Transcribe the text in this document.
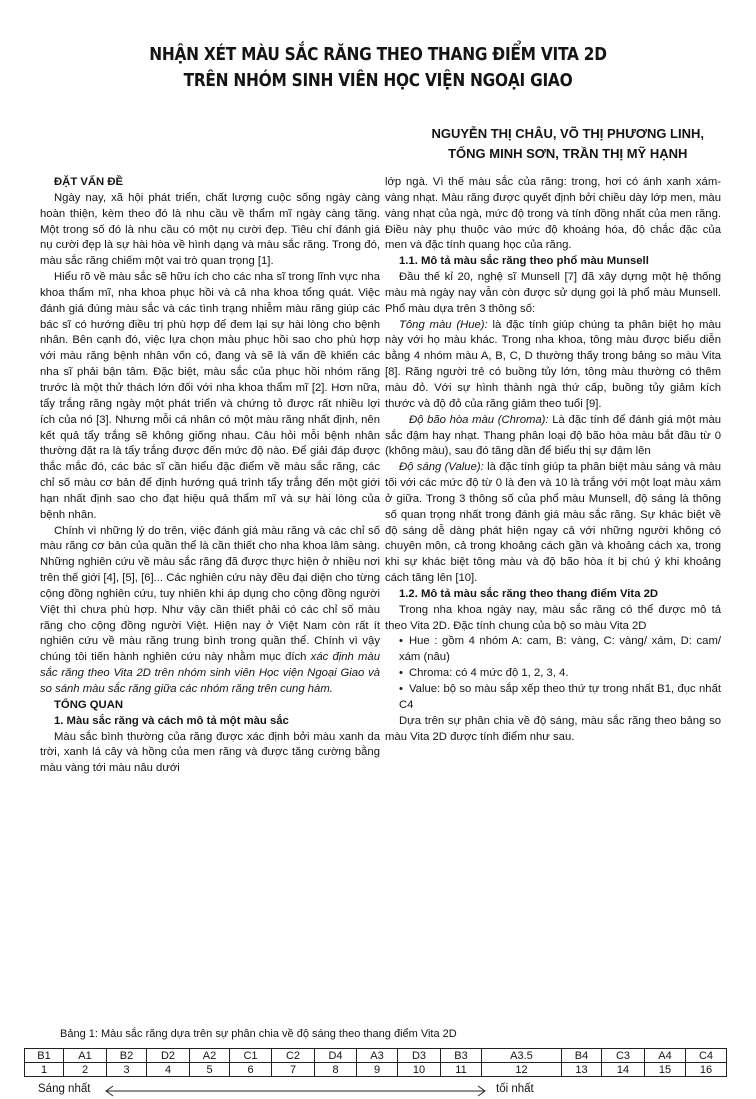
NHẬN XÉT MÀU SẮC RĂNG THEO THANG ĐIỂM VITA 2D
TRÊN NHÓM SINH VIÊN HỌC VIỆN NGOẠI GIAO
NGUYỄN THỊ CHÂU, VÕ THỊ PHƯƠNG LINH,
TỐNG MINH SƠN, TRẦN THỊ MỸ HẠNH

ĐẶT VẤN ĐỀ

Ngày nay, xã hội phát triển, chất lượng cuộc sống ngày càng hoàn thiện, kèm theo đó là nhu cầu về thẩm mĩ ngày càng tăng. Một trong số đó là nhu cầu có một nụ cười đẹp. Tiêu chí đánh giá nụ cười đẹp là sự hài hòa về hình dạng và màu sắc răng. Trong đó, màu sắc răng chiếm một vai trò quan trọng [1].

Hiểu rõ về màu sắc sẽ hữu ích cho các nha sĩ trong lĩnh vực nha khoa thẩm mĩ, nha khoa phục hồi và cả nha khoa tổng quát. Việc đánh giá đúng màu sắc và các tình trạng nhiễm màu răng giúp các bác sĩ có hướng điều trị phù hợp để đem lại sự hài lòng cho bệnh nhân. Bên cạnh đó, việc lựa chọn màu phục hồi sao cho phù hợp với màu răng bệnh nhân vốn có, đang và sẽ là vấn đề khiến các nha sĩ phải bận tâm. Đặc biệt, màu sắc của phục hồi nhóm răng trước là một thử thách lớn đối với nha khoa thẩm mĩ [2]. Hơn nữa, tẩy trắng răng ngày một phát triển và chứng tỏ được rất nhiều lợi ích của nó [3]. Nhưng mỗi cá nhân có một màu răng nhất định, nên kết quả tẩy trắng sẽ không giống nhau. Câu hỏi mỗi bệnh nhân thường đặt ra là tẩy trắng được đến mức độ nào. Để giải đáp được thắc mắc đó, các bác sĩ cần hiểu đặc điểm về màu sắc răng, các chỉ số màu cơ bản để định hướng quá trình tẩy trắng đến một giới hạn nhất định sao cho đạt hiệu quả thẩm mĩ và sự hài lòng của bệnh nhân.

Chính vì những lý do trên, việc đánh giá màu răng và các chỉ số màu răng cơ bản của quần thể là cần thiết cho nha khoa lâm sàng. Những nghiên cứu về màu sắc răng đã được thực hiện ở nhiều nơi trên thế giới [4], [5], [6]... Các nghiên cứu này đều đại diện cho từng cộng đồng nghiên cứu, tuy nhiên khi áp dụng cho cộng đồng người Việt thì chưa phù hợp. Như vậy cần thiết phải có các chỉ số màu răng cho cộng đồng người Việt. Hiện nay ở Việt Nam còn rất ít nghiên cứu về màu răng trung bình trong quần thể. Chính vì vậy chúng tôi tiến hành nghiên cứu này nhằm mục đích xác định màu sắc răng theo Vita 2D trên nhóm sinh viên Học viện Ngoại Giao và so sánh màu sắc răng giữa các nhóm răng trên cung hàm.

TỔNG QUAN

1. Màu sắc răng và cách mô tả một màu sắc

Màu sắc bình thường của răng được xác định bởi màu xanh da trời, xanh lá cây và hồng của men răng và được tăng cường bằng màu vàng tới màu nâu dưới

lớp ngà. Vì thế màu sắc của răng: trong, hơi có ánh xanh xám-vàng nhạt. Màu răng được quyết định bởi chiều dày lớp men, màu vàng nhạt của ngà, mức độ trong và tính đồng nhất của men răng. Điều này phụ thuộc vào mức độ khoáng hóa, độ chắc đặc của men và đặc tính quang học của răng.

1.1. Mô tả màu sắc răng theo phổ màu Munsell

Đầu thế kỉ 20, nghệ sĩ Munsell [7] đã xây dựng một hệ thống màu mà ngày nay vẫn còn được sử dụng gọi là phổ màu Munsell. Phổ màu dựa trên 3 thông số:

Tông màu (Hue): là đặc tính giúp chúng ta phân biệt họ màu này với họ màu khác. Trong nha khoa, tông màu được biểu diễn bằng 4 nhóm màu A, B, C, D thường thấy trong bảng so màu Vita [8]. Răng người trẻ có buồng tủy lớn, tông màu thường có thêm màu đỏ. Với sự hình thành ngà thứ cấp, buồng tủy giảm kích thước và độ đỏ của răng giảm theo tuổi [9].

Độ bão hòa màu (Chroma): Là đặc tính để đánh giá một màu sắc đậm hay nhạt. Thang phân loại độ bão hòa màu bắt đầu từ 0 (không màu), sau đó tăng dần để biểu thị sự đậm lên

Độ sáng (Value): là đặc tính giúp ta phân biệt màu sáng và màu tối với các mức độ từ 0 là đen và 10 là trắng với một loạt màu xám ở giữa. Trong 3 thông số của phổ màu Munsell, độ sáng là thông số quan trọng nhất trong đánh giá màu sắc răng. Sự khác biệt về độ sáng dễ dàng phát hiện ngay cả với những người không có chuyên môn, cả trong khoảng cách gần và khoảng cách xa, trong khi sự khác biệt tông màu và độ bão hòa ít bị chú ý khi khoảng cách tăng lên [10].

1.2. Mô tả màu sắc răng theo thang điểm Vita 2D

Trong nha khoa ngày nay, màu sắc răng có thể được mô tả theo Vita 2D. Đặc tính chung của bộ so màu Vita 2D

• Hue : gồm 4 nhóm A: cam, B: vàng, C: vàng/ xám, D: cam/ xám (nâu)

• Chroma: có 4 mức độ 1, 2, 3, 4.

• Value: bộ so màu sắp xếp theo thứ tự trong nhất B1, đục nhất C4

Dựa trên sự phân chia về độ sáng, màu sắc răng theo bảng so màu Vita 2D được tính điểm như sau.

Bảng 1: Màu sắc răng dựa trên sự phân chia về độ sáng theo thang điểm Vita 2D
B1	A1	B2	D2	A2	C1	C2	D4	A3	D3	B3	A3.5	B4	C3	A4	C4
1	2	3	4	5	6	7	8	9	10	11	12	13	14	15	16
Sáng nhất	tối nhất
